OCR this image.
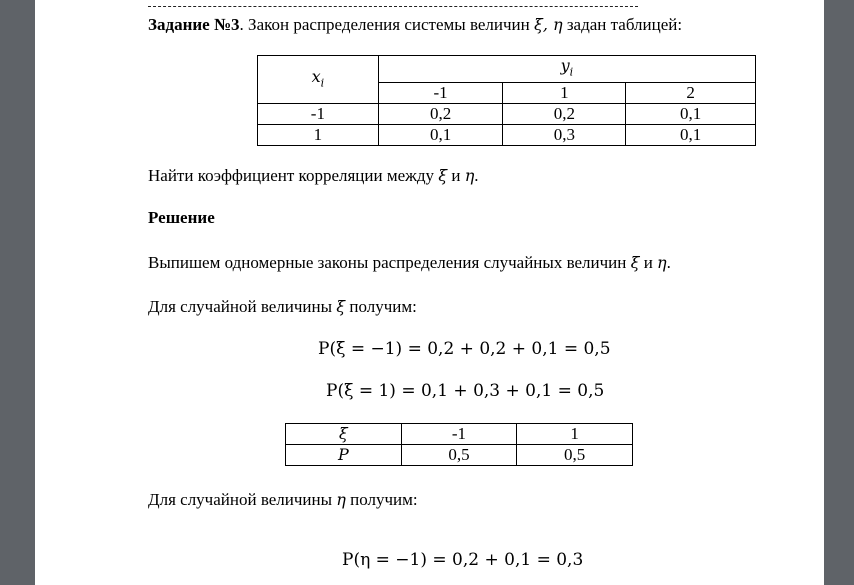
Задание №3. Закон распределения системы величин ξ, η задан таблицей:
$x_i$	$y_i$
	-1	1	2
-1	0,2	0,2	0,1
1	0,1	0,3	0,1
Найти коэффициент корреляции между ξ и η.
Решение
Выпишем одномерные законы распределения случайных величин ξ и η.
Для случайной величины ξ получим:
P(ξ = −1) = 0,2 + 0,2 + 0,1 = 0,5
P(ξ = 1) = 0,1 + 0,3 + 0,1 = 0,5
ξ	-1	1
P	0,5	0,5
Для случайной величины η получим:
P(η = −1) = 0,2 + 0,1 = 0,3
